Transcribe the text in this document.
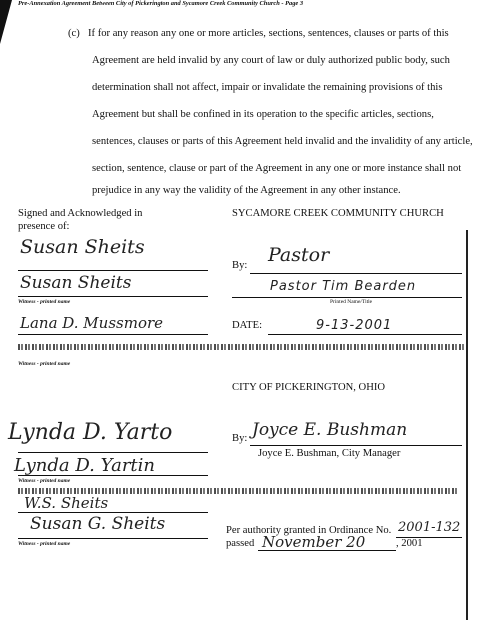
Pre-Annexation Agreement Between City of Pickerington and Sycamore Creek Community Church - Page 3
(c) If for any reason any one or more articles, sections, sentences, clauses or parts of this
Agreement are held invalid by any court of law or duly authorized public body, such
determination shall not affect, impair or invalidate the remaining provisions of this
Agreement but shall be confined in its operation to the specific articles, sections,
sentences, clauses or parts of this Agreement held invalid and the invalidity of any article,
section, sentence, clause or part of the Agreement in any one or more instance shall not
prejudice in any way the validity of the Agreement in any other instance.
Signed and Acknowledged in
presence of:
Susan Sheits
Susan Sheits
Witness - printed name
Lana D. Mussmore
Witness - printed name
Lynda D. Yarto
Lynda D. Yartin
Witness - printed name
W.S. Sheits
Susan G. Sheits
Witness - printed name
SYCAMORE CREEK COMMUNITY CHURCH
By: Pastor
Pastor Tim Bearden
Printed Name/Title
DATE:	9-13-2001
CITY OF PICKERINGTON, OHIO
By: Joyce E. Bushman
Joyce E. Bushman, City Manager
Per authority granted in Ordinance No. 2001-132
passed November 20	, 2001
